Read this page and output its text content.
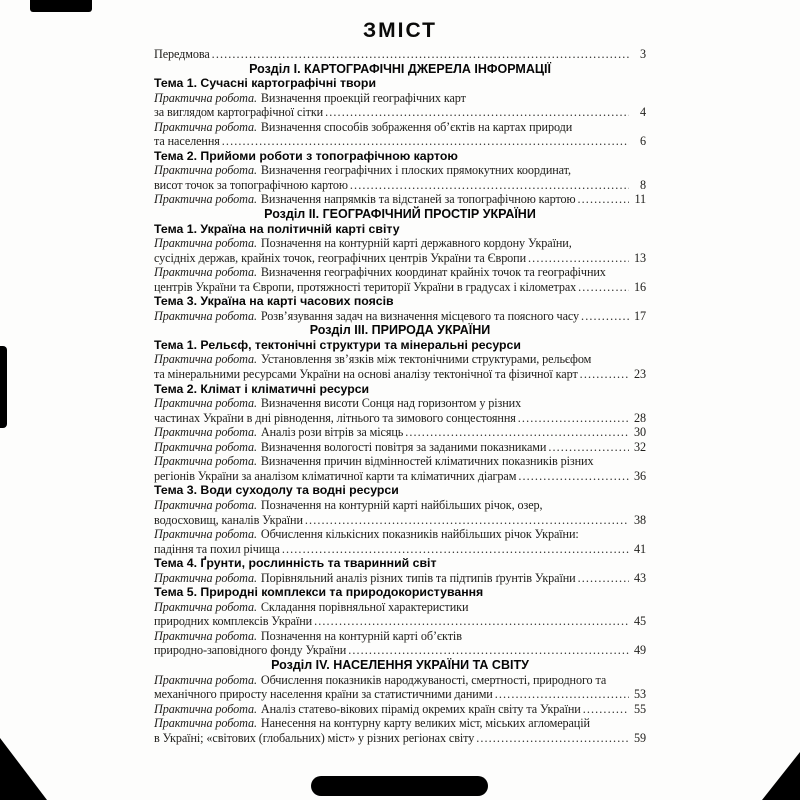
ЗМІСТ
Передмова .....	3
Розділ I. КАРТОГРАФІЧНІ ДЖЕРЕЛА ІНФОРМАЦІЇ
Тема 1. Сучасні картографічні твори
Практична робота. Визначення проекцій географічних карт
за виглядом картографічної сітки .....	4
Практична робота. Визначення способів зображення об’єктів на картах природи
та населення .....	6
Тема 2. Прийоми роботи з топографічною картою
Практична робота. Визначення географічних і плоских прямокутних координат,
висот точок за топографічною картою .....	8
Практична робота. Визначення напрямків та відстаней за топографічною картою .....	11
Розділ II. ГЕОГРАФІЧНИЙ ПРОСТІР УКРАЇНИ
Тема 1. Україна на політичній карті світу
Практична робота. Позначення на контурній карті державного кордону України,
сусідніх держав, крайніх точок, географічних центрів України та Європи .....	13
Практична робота. Визначення географічних координат крайніх точок та географічних
центрів України та Європи, протяжності території України в градусах і кілометрах .....	16
Тема 3. Україна на карті часових поясів
Практична робота. Розв’язування задач на визначення місцевого та поясного часу .....	17
Розділ III. ПРИРОДА УКРАЇНИ
Тема 1. Рельєф, тектонічні структури та мінеральні ресурси
Практична робота. Установлення зв’язків між тектонічними структурами, рельєфом
та мінеральними ресурсами України на основі аналізу тектонічної та фізичної карт .....	23
Тема 2. Клімат і кліматичні ресурси
Практична робота. Визначення висоти Сонця над горизонтом у різних
частинах України в дні рівнодення, літнього та зимового сонцестояння .....	28
Практична робота. Аналіз рози вітрів за місяць .....	30
Практична робота. Визначення вологості повітря за заданими показниками .....	32
Практична робота. Визначення причин відмінностей кліматичних показників різних
регіонів України за аналізом кліматичної карти та кліматичних діаграм .....	36
Тема 3. Води суходолу та водні ресурси
Практична робота. Позначення на контурній карті найбільших річок, озер,
водосховищ, каналів України .....	38
Практична робота. Обчислення кількісних показників найбільших річок України:
падіння та похил річища .....	41
Тема 4. Ґрунти, рослинність та тваринний світ
Практична робота. Порівняльний аналіз різних типів та підтипів ґрунтів України .....	43
Тема 5. Природні комплекси та природокористування
Практична робота. Складання порівняльної характеристики
природних комплексів України .....	45
Практична робота. Позначення на контурній карті об’єктів
природно-заповідного фонду України .....	49
Розділ IV. НАСЕЛЕННЯ УКРАЇНИ ТА СВІТУ
Практична робота. Обчислення показників народжуваності, смертності, природного та
механічного приросту населення країни за статистичними даними .....	53
Практична робота. Аналіз статево-вікових пірамід окремих країн світу та України .....	55
Практична робота. Нанесення на контурну карту великих міст, міських агломерацій
в Україні; «світових (глобальних) міст» у різних регіонах світу .....	59
